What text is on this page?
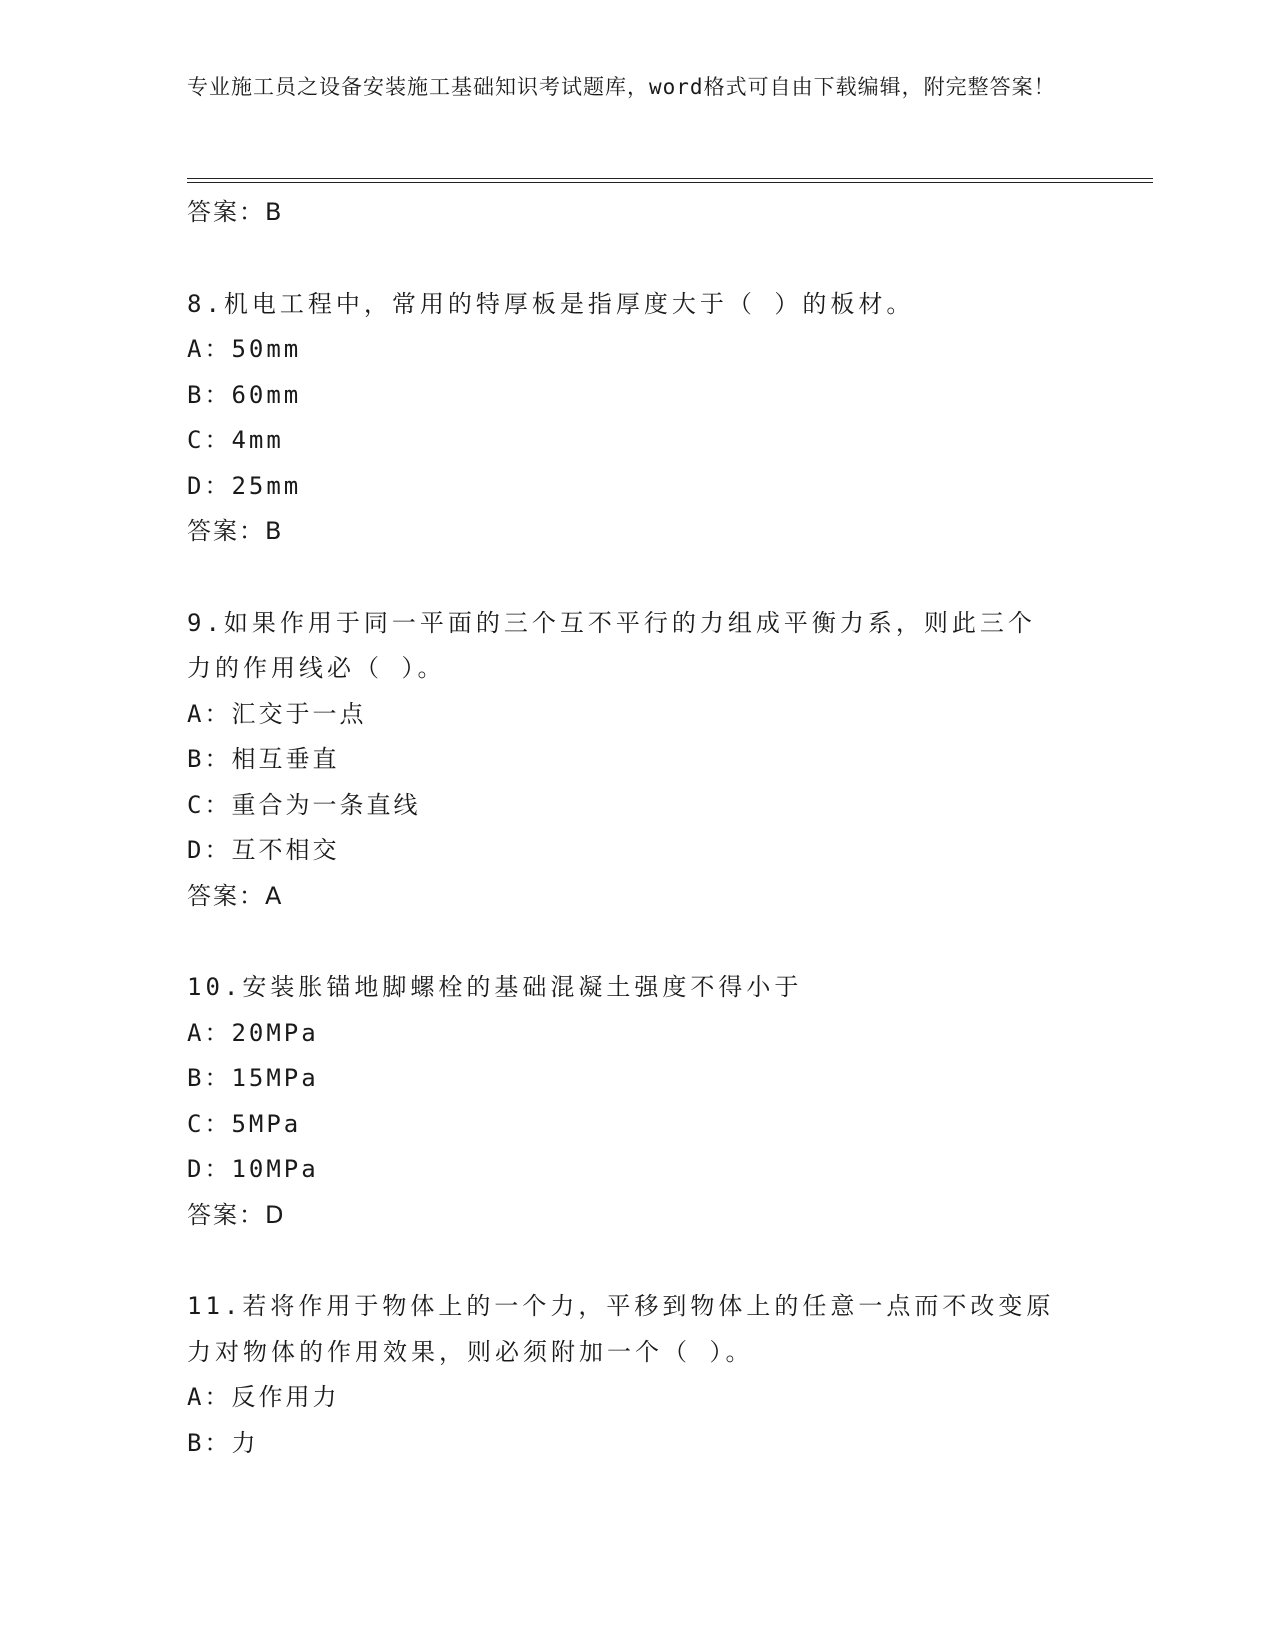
专业施工员之设备安装施工基础知识考试题库，word格式可自由下载编辑，附完整答案！
答案：B
8.机电工程中，常用的特厚板是指厚度大于（ ）的板材。
A：50mm
B：60mm
C：4mm
D：25mm
答案：B
9.如果作用于同一平面的三个互不平行的力组成平衡力系，则此三个
力的作用线必（ ）。
A：汇交于一点
B：相互垂直
C：重合为一条直线
D：互不相交
答案：A
10.安装胀锚地脚螺栓的基础混凝土强度不得小于
A：20MPa
B：15MPa
C：5MPa
D：10MPa
答案：D
11.若将作用于物体上的一个力，平移到物体上的任意一点而不改变原
力对物体的作用效果，则必须附加一个（ ）。
A：反作用力
B：力
